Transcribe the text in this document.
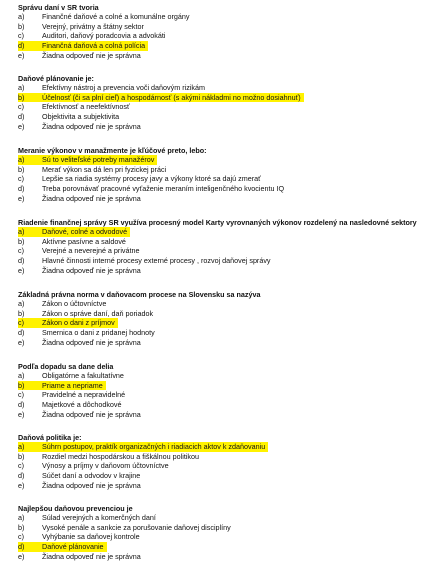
Správu daní v SR tvoria
a) Finančné daňové a colné a komunálne orgány
b) Verejný, privátny a štátny sektor
c)	Auditori, daňový poradcovia a advokáti
d) Finančná daňová a colná polícia
e) Žiadna odpoveď nie je správna
Daňové plánovanie je:
a) Efektívny nástroj a prevencia voči daňovým rizikám
b) Účelnosť (či sa plní cieľ) a hospodárnosť (s akými nákladmi no možno dosiahnuť)
c)	Efektívnosť a neefektívnosť
d) Objektivita a subjektivita
e) Žiadna odpoveď nie je správna
Meranie výkonov v manažmente je kľúčové preto, lebo:
a) Sú to veliteľské potreby manažérov
b) Merať výkon sa dá len pri fyzickej práci
c)	Lepšie sa riadia systémy procesy javy a výkony ktoré sa dajú zmerať
d) Treba porovnávať pracovné vyťaženie meraním inteligenčného kvocientu IQ
e) Žiadna odpoveď nie je správna
Riadenie finančnej správy SR využíva procesný model Karty vyrovnaných výkonov rozdelený na nasledovné sektory
a) Daňové, colné a odvodové
b) Aktívne pasívne a saldové
c)	Verejné a neverejné a privátne
d) Hlavné činnosti interné procesy externé procesy , rozvoj daňovej správy
e) Žiadna odpoveď nie je správna
Základná právna norma v daňovacom procese na Slovensku sa nazýva
a) Zákon o účtovníctve
b) Zákon o správe daní, daň poriadok
c)	Zákon o dani z príjmov
d) Smernica o dani z pridanej hodnoty
e) Žiadna odpoveď nie je správna
Podľa dopadu sa dane delia
a) Obligatórne a fakultatívne
b) Priame a nepriame
c)	Pravidelné a nepravidelné
d) Majetkové a dôchodkové
e) Žiadna odpoveď nie je správna
Daňová politika je:
a) Súhrn postupov, praktík organizačných i riadiacich aktov k zdaňovaniu
b) Rozdiel medzi hospodárskou a fiškálnou politikou
c)	Výnosy a príjmy v daňovom účtovníctve
d) Súčet daní a odvodov v krajine
e) Žiadna odpoveď nie je správna
Najlepšou daňovou prevenciou je
a) Súlad verejných a komerčných daní
b) Vysoké penále a sankcie za porušovanie daňovej disciplíny
c)	Vyhýbanie sa daňovej kontrole
d) Daňové plánovanie
e) Žiadna odpoveď nie je správna
